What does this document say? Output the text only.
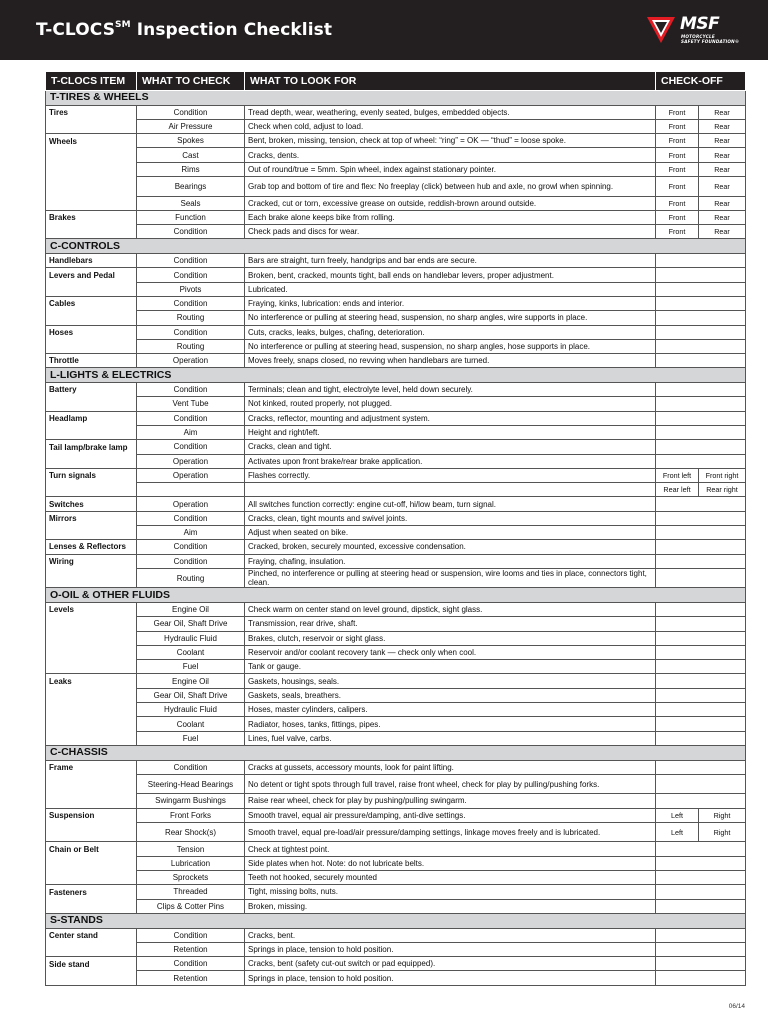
T-CLOCS℠ Inspection Checklist	MSF
MOTORCYCLE
SAFETY FOUNDATION®
T-CLOCS ITEM	WHAT TO CHECK	WHAT TO LOOK FOR	CHECK-OFF	
T-TIRES & WHEELS				
Tires	Condition	Tread depth, wear, weathering, evenly seated, bulges, embedded objects.	Front	Rear
	Air Pressure	Check when cold, adjust to load.	Front	Rear
Wheels	Spokes	Bent, broken, missing, tension, check at top of wheel: “ring” = OK — “thud” = loose spoke.	Front	Rear
	Cast	Cracks, dents.	Front	Rear
	Rims	Out of round/true = 5mm. Spin wheel, index against stationary pointer.	Front	Rear
	Bearings	Grab top and bottom of tire and flex: No freeplay (click) between hub and axle, no growl when spinning.	Front	Rear
	Seals	Cracked, cut or torn, excessive grease on outside, reddish-brown around outside.	Front	Rear
Brakes	Function	Each brake alone keeps bike from rolling.	Front	Rear
	Condition	Check pads and discs for wear.	Front	Rear
C-CONTROLS				
Handlebars	Condition	Bars are straight, turn freely, handgrips and bar ends are secure.		
Levers and Pedal	Condition	Broken, bent, cracked, mounts tight, ball ends on handlebar levers, proper adjustment.		
	Pivots	Lubricated.		
Cables	Condition	Fraying, kinks, lubrication: ends and interior.		
	Routing	No interference or pulling at steering head, suspension, no sharp angles, wire supports in place.		
Hoses	Condition	Cuts, cracks, leaks, bulges, chafing, deterioration.		
	Routing	No interference or pulling at steering head, suspension, no sharp angles, hose supports in place.		
Throttle	Operation	Moves freely, snaps closed, no revving when handlebars are turned.		
L-LIGHTS & ELECTRICS				
Battery	Condition	Terminals; clean and tight, electrolyte level, held down securely.		
	Vent Tube	Not kinked, routed properly, not plugged.		
Headlamp	Condition	Cracks, reflector, mounting and adjustment system.		
	Aim	Height and right/left.		
Tail lamp/brake lamp	Condition	Cracks, clean and tight.		
	Operation	Activates upon front brake/rear brake application.		
Turn signals	Operation	Flashes correctly.	Front left	Front right
			Rear left	Rear right
Switches	Operation	All switches function correctly: engine cut-off, hi/low beam, turn signal.		
Mirrors	Condition	Cracks, clean, tight mounts and swivel joints.		
	Aim	Adjust when seated on bike.		
Lenses & Reflectors	Condition	Cracked, broken, securely mounted, excessive condensation.		
Wiring	Condition	Fraying, chafing, insulation.		
	Routing	Pinched, no interference or pulling at steering head or suspension, wire looms and ties in place, connectors tight, clean.		
O-OIL & OTHER FLUIDS				
Levels	Engine Oil	Check warm on center stand on level ground, dipstick, sight glass.		
	Gear Oil, Shaft Drive	Transmission, rear drive, shaft.		
	Hydraulic Fluid	Brakes, clutch, reservoir or sight glass.		
	Coolant	Reservoir and/or coolant recovery tank — check only when cool.		
	Fuel	Tank or gauge.		
Leaks	Engine Oil	Gaskets, housings, seals.		
	Gear Oil, Shaft Drive	Gaskets, seals, breathers.		
	Hydraulic Fluid	Hoses, master cylinders, calipers.		
	Coolant	Radiator, hoses, tanks, fittings, pipes.		
	Fuel	Lines, fuel valve, carbs.		
C-CHASSIS				
Frame	Condition	Cracks at gussets, accessory mounts, look for paint lifting.		
	Steering-Head Bearings	No detent or tight spots through full travel, raise front wheel, check for play by pulling/pushing forks.		
	Swingarm Bushings	Raise rear wheel, check for play by pushing/pulling swingarm.		
Suspension	Front Forks	Smooth travel, equal air pressure/damping, anti-dive settings.	Left	Right
	Rear Shock(s)	Smooth travel, equal pre-load/air pressure/damping settings, linkage moves freely and is lubricated.	Left	Right
Chain or Belt	Tension	Check at tightest point.		
	Lubrication	Side plates when hot. Note: do not lubricate belts.		
	Sprockets	Teeth not hooked, securely mounted		
Fasteners	Threaded	Tight, missing bolts, nuts.		
	Clips & Cotter Pins	Broken, missing.		
S-STANDS				
Center stand	Condition	Cracks, bent.		
	Retention	Springs in place, tension to hold position.		
Side stand	Condition	Cracks, bent (safety cut-out switch or pad equipped).		
	Retention	Springs in place, tension to hold position.		
06/14
